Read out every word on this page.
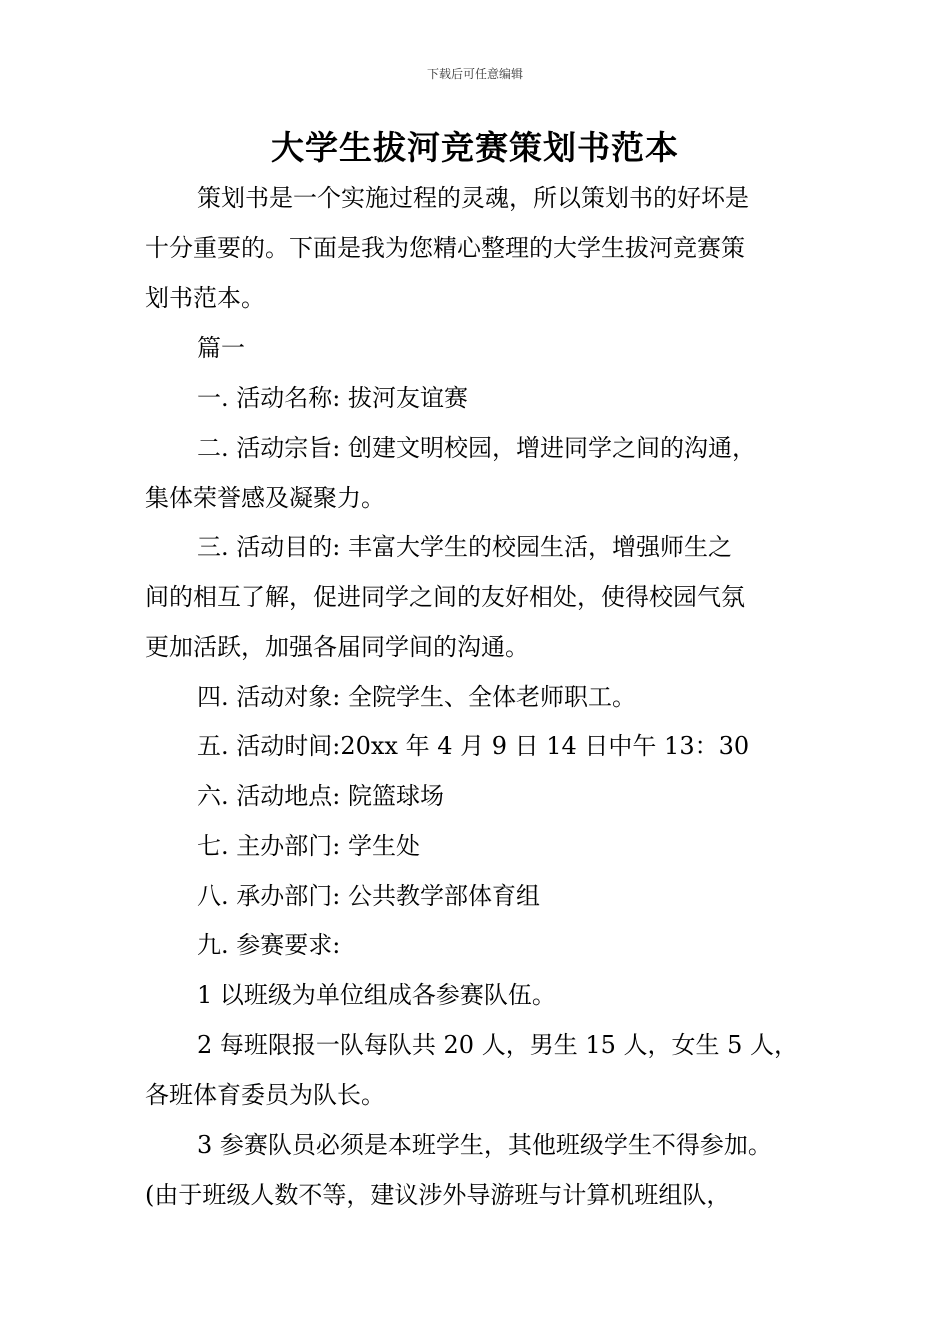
下载后可任意编辑
大学生拔河竞赛策划书范本
策划书是一个实施过程的灵魂，所以策划书的好坏是
十分重要的。下面是我为您精心整理的大学生拔河竞赛策
划书范本。
篇一
一. 活动名称: 拔河友谊赛
二. 活动宗旨: 创建文明校园，增进同学之间的沟通，
集体荣誉感及凝聚力。
三. 活动目的: 丰富大学生的校园生活，增强师生之
间的相互了解，促进同学之间的友好相处，使得校园气氛
更加活跃，加强各届同学间的沟通。
四. 活动对象: 全院学生、全体老师职工。
五. 活动时间:20xx 年 4 月 9 日 14 日中午 13：30
六. 活动地点: 院篮球场
七. 主办部门: 学生处
八. 承办部门: 公共教学部体育组
九. 参赛要求:
1 以班级为单位组成各参赛队伍。
2 每班限报一队每队共 20 人，男生 15 人，女生 5 人，
各班体育委员为队长。
3 参赛队员必须是本班学生，其他班级学生不得参加。
(由于班级人数不等，建议涉外导游班与计算机班组队，
